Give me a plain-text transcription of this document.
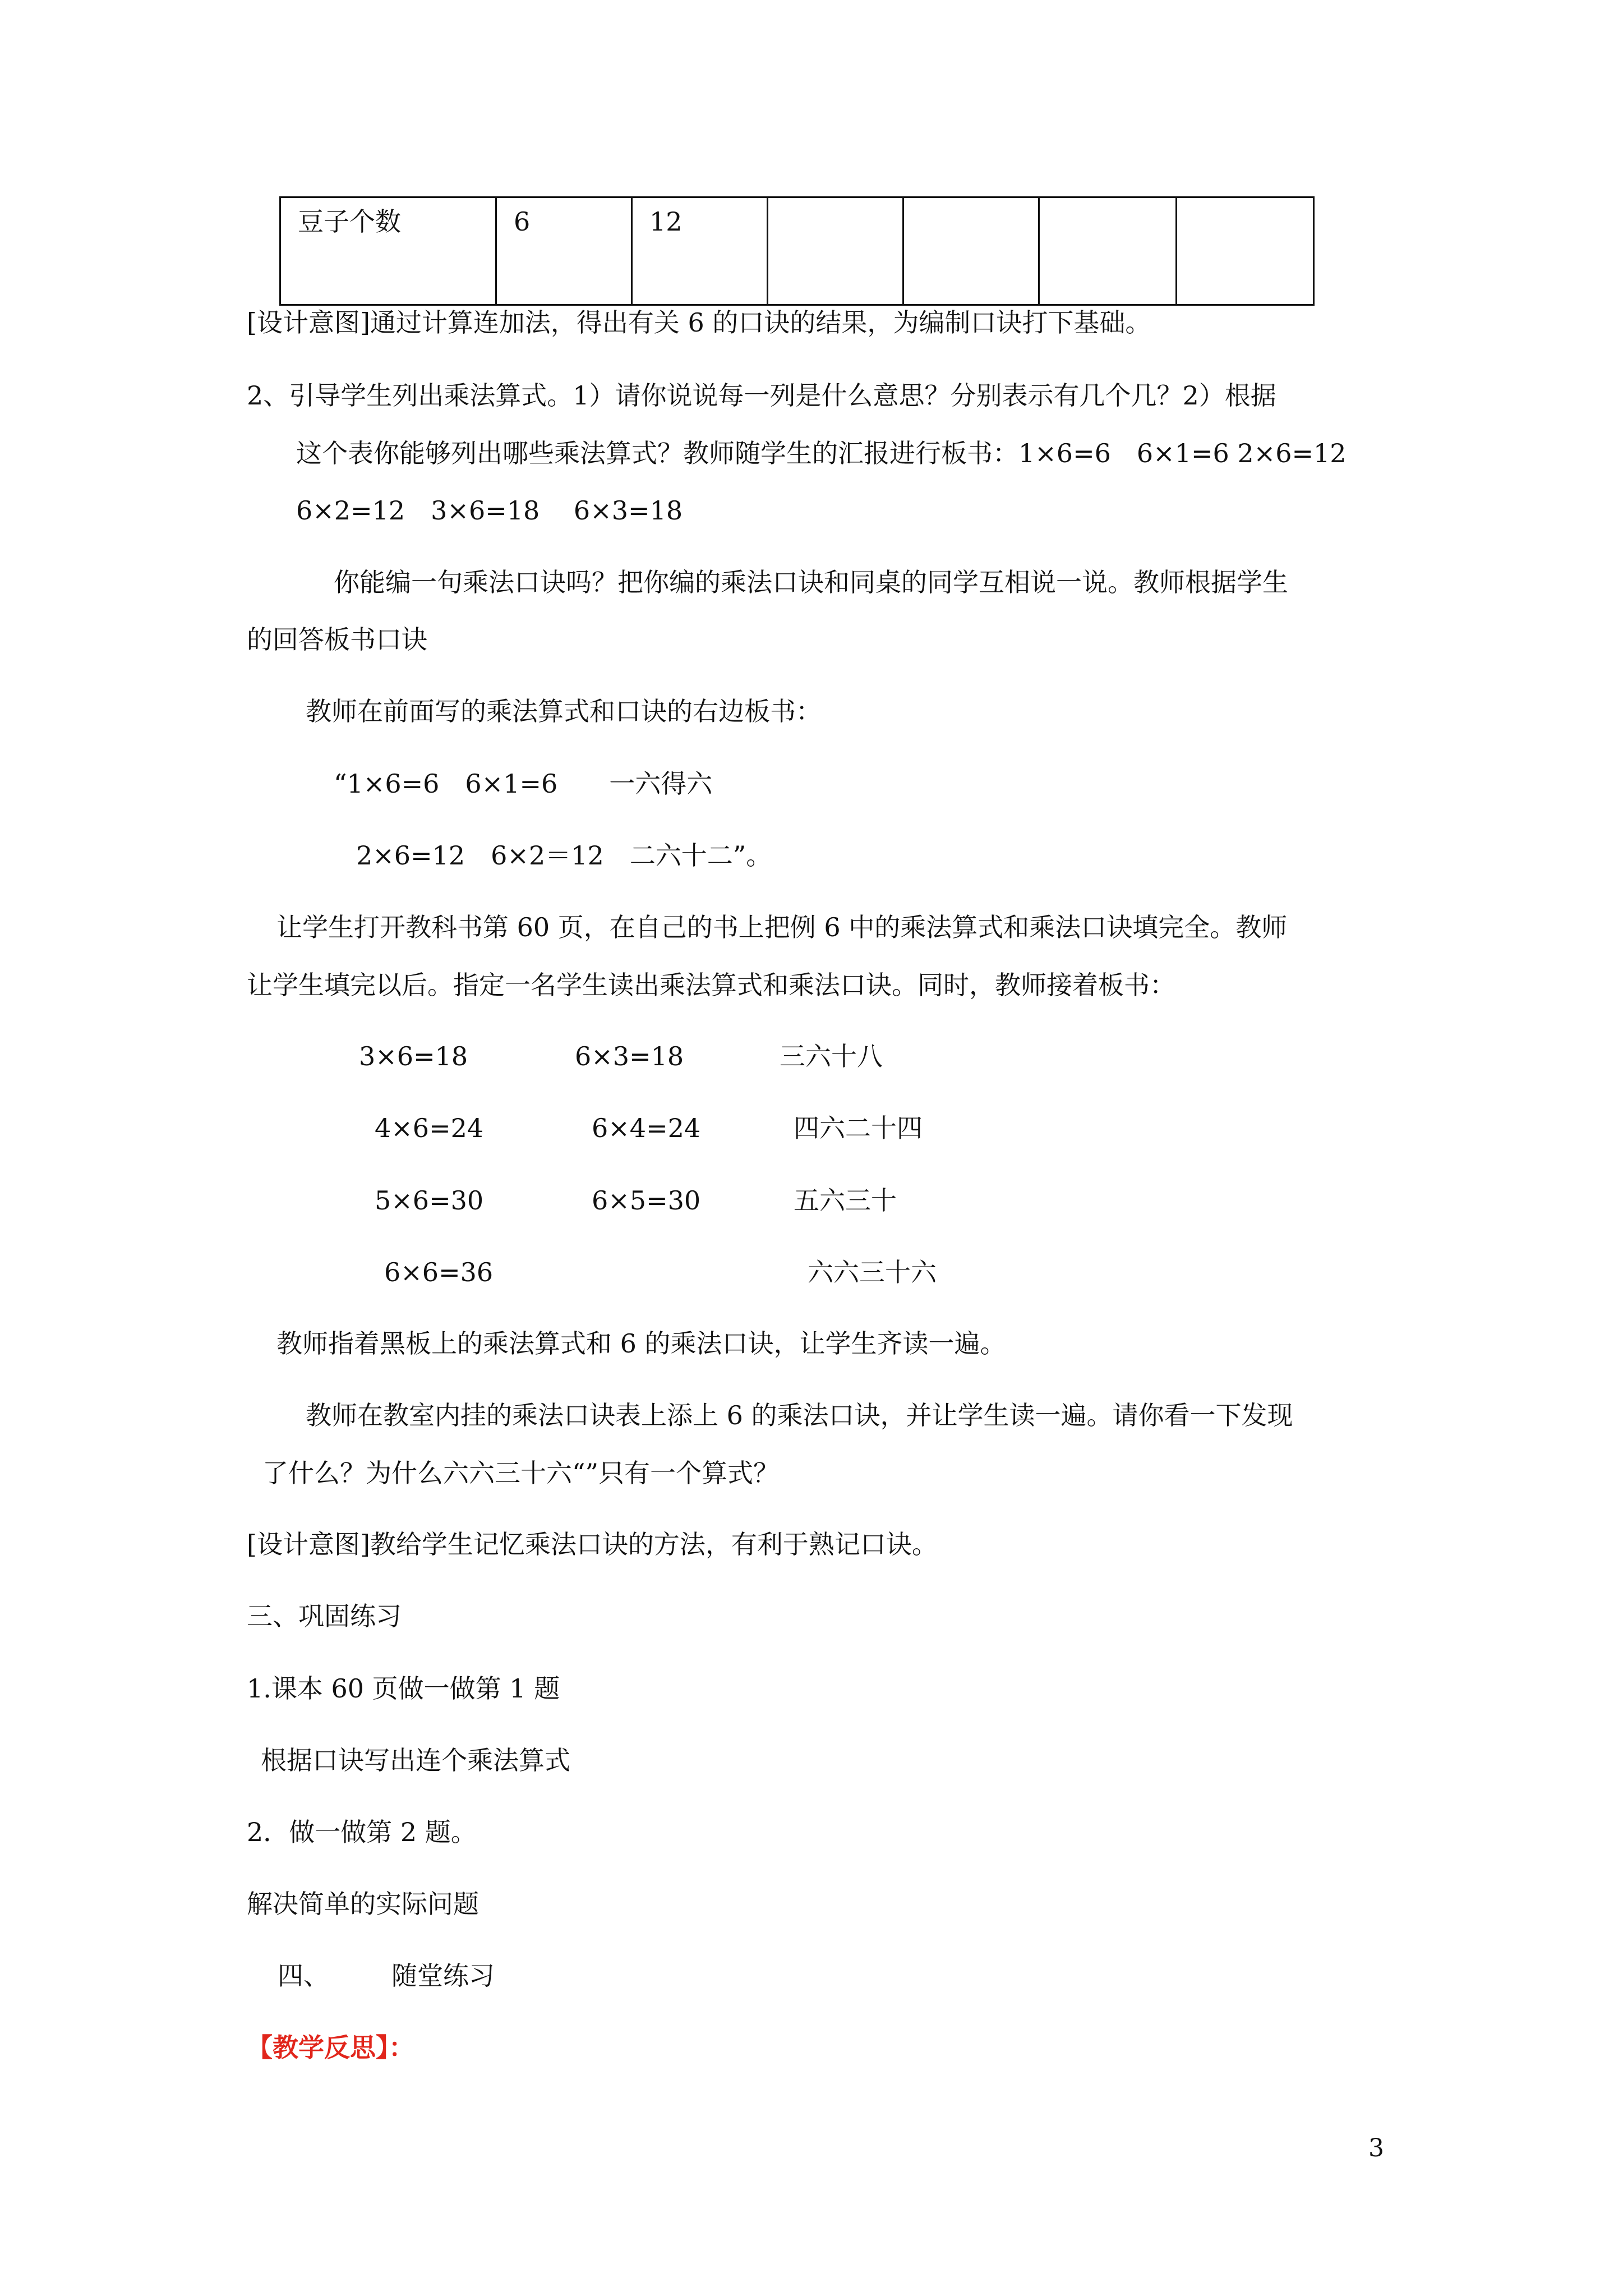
豆子个数	6	12					
[设计意图]通过计算连加法，得出有关 6 的口诀的结果，为编制口诀打下基础。
2、引导学生列出乘法算式。1）请你说说每一列是什么意思？分别表示有几个几？2）根据
这个表你能够列出哪些乘法算式？教师随学生的汇报进行板书：1×6=6　6×1=6 2×6=12
6×2=12　3×6=18　 6×3=18
你能编一句乘法口诀吗？把你编的乘法口诀和同桌的同学互相说一说。教师根据学生
的回答板书口诀
教师在前面写的乘法算式和口诀的右边板书：
“1×6=6　6×1=6　　一六得六
2×6=12　6×2＝12　二六十二”。
让学生打开教科书第 60 页，在自己的书上把例 6 中的乘法算式和乘法口诀填完全。教师
让学生填完以后。指定一名学生读出乘法算式和乘法口诀。同时，教师接着板书：
3×6=18	6×3=18	三六十八
4×6=24	6×4=24	四六二十四
5×6=30	6×5=30	五六三十
6×6=36	六六三十六
教师指着黑板上的乘法算式和 6 的乘法口诀，让学生齐读一遍。
教师在教室内挂的乘法口诀表上添上 6 的乘法口诀，并让学生读一遍。请你看一下发现
了什么？为什么六六三十六“”只有一个算式？
[设计意图]教给学生记忆乘法口诀的方法，有利于熟记口诀。
三、巩固练习
1.课本 60 页做一做第 1 题
根据口诀写出连个乘法算式
2．做一做第 2 题。
解决简单的实际问题
四、 随堂练习
【教学反思】：
3
